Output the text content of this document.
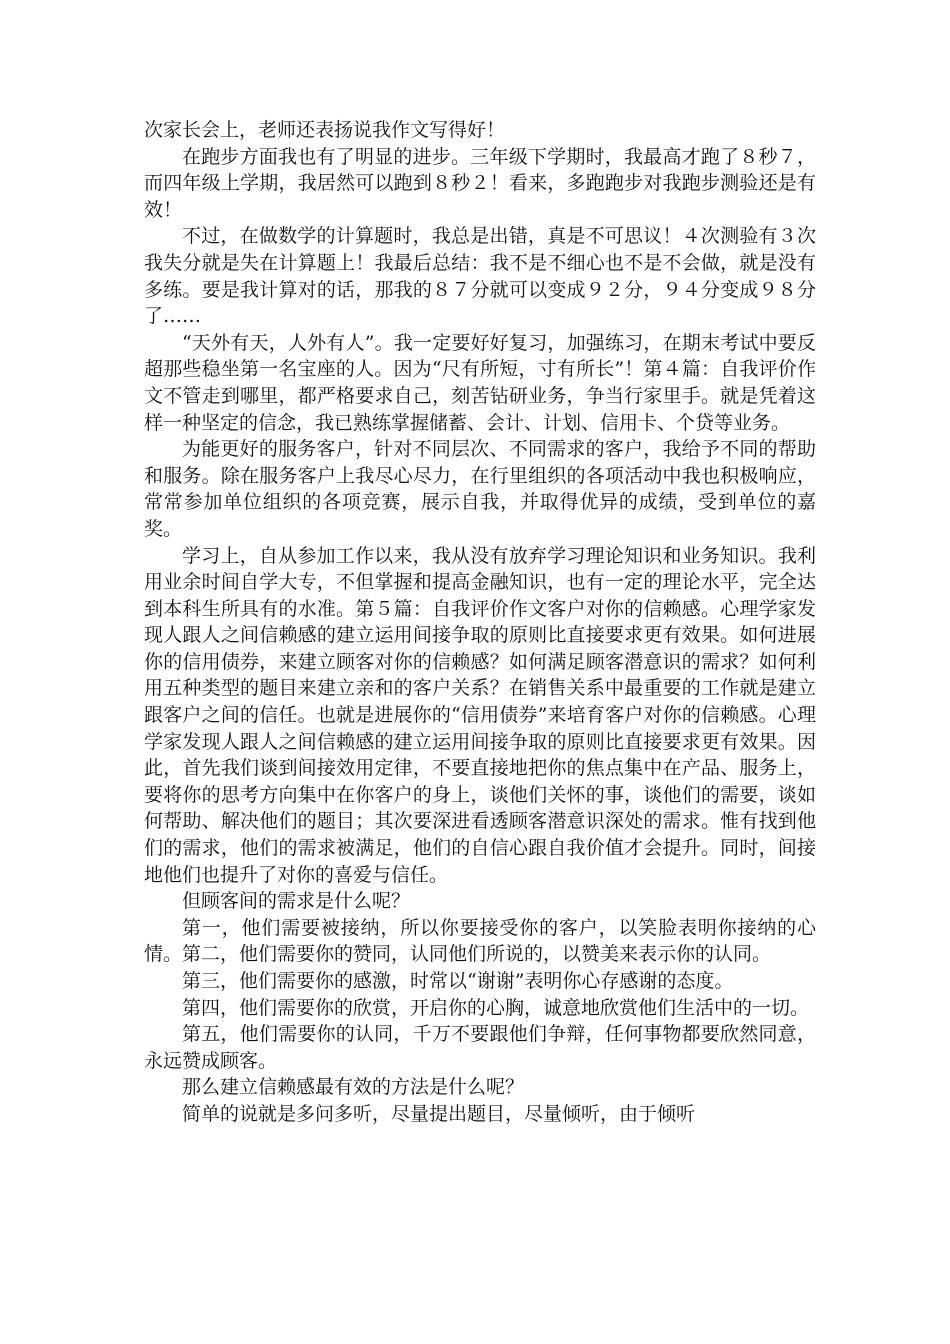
次家长会上，老师还表扬说我作文写得好！

在跑步方面我也有了明显的进步。三年级下学期时，我最高才跑了８秒７，而四年级上学期，我居然可以跑到８秒２！看来，多跑跑步对我跑步测验还是有效！

不过，在做数学的计算题时，我总是出错，真是不可思议！４次测验有３次我失分就是失在计算题上！我最后总结：我不是不细心也不是不会做，就是没有多练。要是我计算对的话，那我的８７分就可以变成９２分，９４分变成９８分了……

“天外有天，人外有人”。我一定要好好复习，加强练习，在期末考试中要反超那些稳坐第一名宝座的人。因为“尺有所短，寸有所长”！第４篇：自我评价作文不管走到哪里，都严格要求自己，刻苦钻研业务，争当行家里手。就是凭着这样一种坚定的信念，我已熟练掌握储蓄、会计、计划、信用卡、个贷等业务。

为能更好的服务客户，针对不同层次、不同需求的客户，我给予不同的帮助和服务。除在服务客户上我尽心尽力，在行里组织的各项活动中我也积极响应，常常参加单位组织的各项竞赛，展示自我，并取得优异的成绩，受到单位的嘉奖。

学习上，自从参加工作以来，我从没有放弃学习理论知识和业务知识。我利用业余时间自学大专，不但掌握和提高金融知识，也有一定的理论水平，完全达到本科生所具有的水准。第５篇：自我评价作文客户对你的信赖感。心理学家发现人跟人之间信赖感的建立运用间接争取的原则比直接要求更有效果。如何进展你的信用债券，来建立顾客对你的信赖感？如何满足顾客潜意识的需求？如何利用五种类型的题目来建立亲和的客户关系？在销售关系中最重要的工作就是建立跟客户之间的信任。也就是进展你的“信用债券”来培育客户对你的信赖感。心理学家发现人跟人之间信赖感的建立运用间接争取的原则比直接要求更有效果。因此，首先我们谈到间接效用定律，不要直接地把你的焦点集中在产品、服务上，要将你的思考方向集中在你客户的身上，谈他们关怀的事，谈他们的需要，谈如何帮助、解决他们的题目；其次要深进看透顾客潜意识深处的需求。惟有找到他们的需求，他们的需求被满足，他们的自信心跟自我价值才会提升。同时，间接地他们也提升了对你的喜爱与信任。

但顾客间的需求是什么呢？

第一，他们需要被接纳，所以你要接受你的客户，以笑脸表明你接纳的心情。第二，他们需要你的赞同，认同他们所说的，以赞美来表示你的认同。

第三，他们需要你的感激，时常以“谢谢”表明你心存感谢的态度。

第四，他们需要你的欣赏，开启你的心胸，诚意地欣赏他们生活中的一切。

第五，他们需要你的认同，千万不要跟他们争辩，任何事物都要欣然同意，永远赞成顾客。

那么建立信赖感最有效的方法是什么呢？

简单的说就是多问多听，尽量提出题目，尽量倾听，由于倾听
